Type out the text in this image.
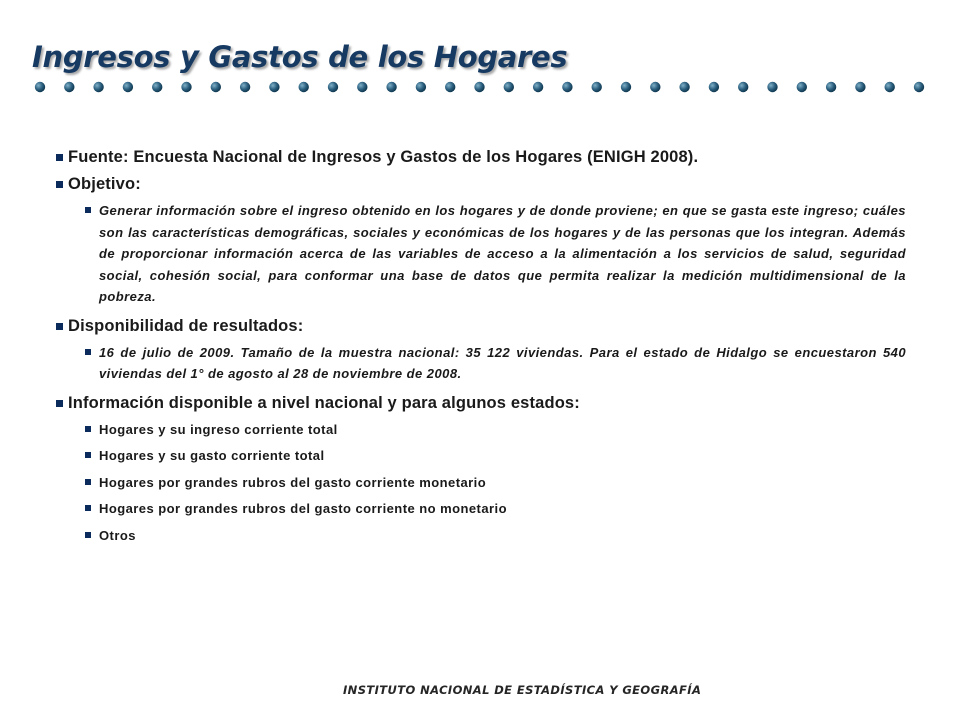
Ingresos y Gastos de los Hogares
Fuente: Encuesta Nacional de Ingresos y Gastos de los Hogares (ENIGH 2008).
Objetivo:
Generar información sobre el ingreso obtenido en los hogares y de donde proviene; en que se gasta este ingreso; cuáles son las características demográficas, sociales y económicas de los hogares y de las personas que los integran. Además de proporcionar información acerca de las variables de acceso a la alimentación a los servicios de salud, seguridad social, cohesión social, para conformar una base de datos que permita realizar la medición multidimensional de la pobreza.
Disponibilidad de resultados:
16 de julio de 2009. Tamaño de la muestra nacional: 35 122 viviendas. Para el estado de Hidalgo se encuestaron 540 viviendas del 1° de agosto al 28 de noviembre de 2008.
Información disponible a nivel nacional y para algunos estados:
Hogares y su ingreso corriente total
Hogares y su gasto corriente total
Hogares por grandes rubros del gasto corriente monetario
Hogares por grandes rubros del gasto corriente no monetario
Otros
INSTITUTO NACIONAL DE ESTADÍSTICA Y GEOGRAFÍA
